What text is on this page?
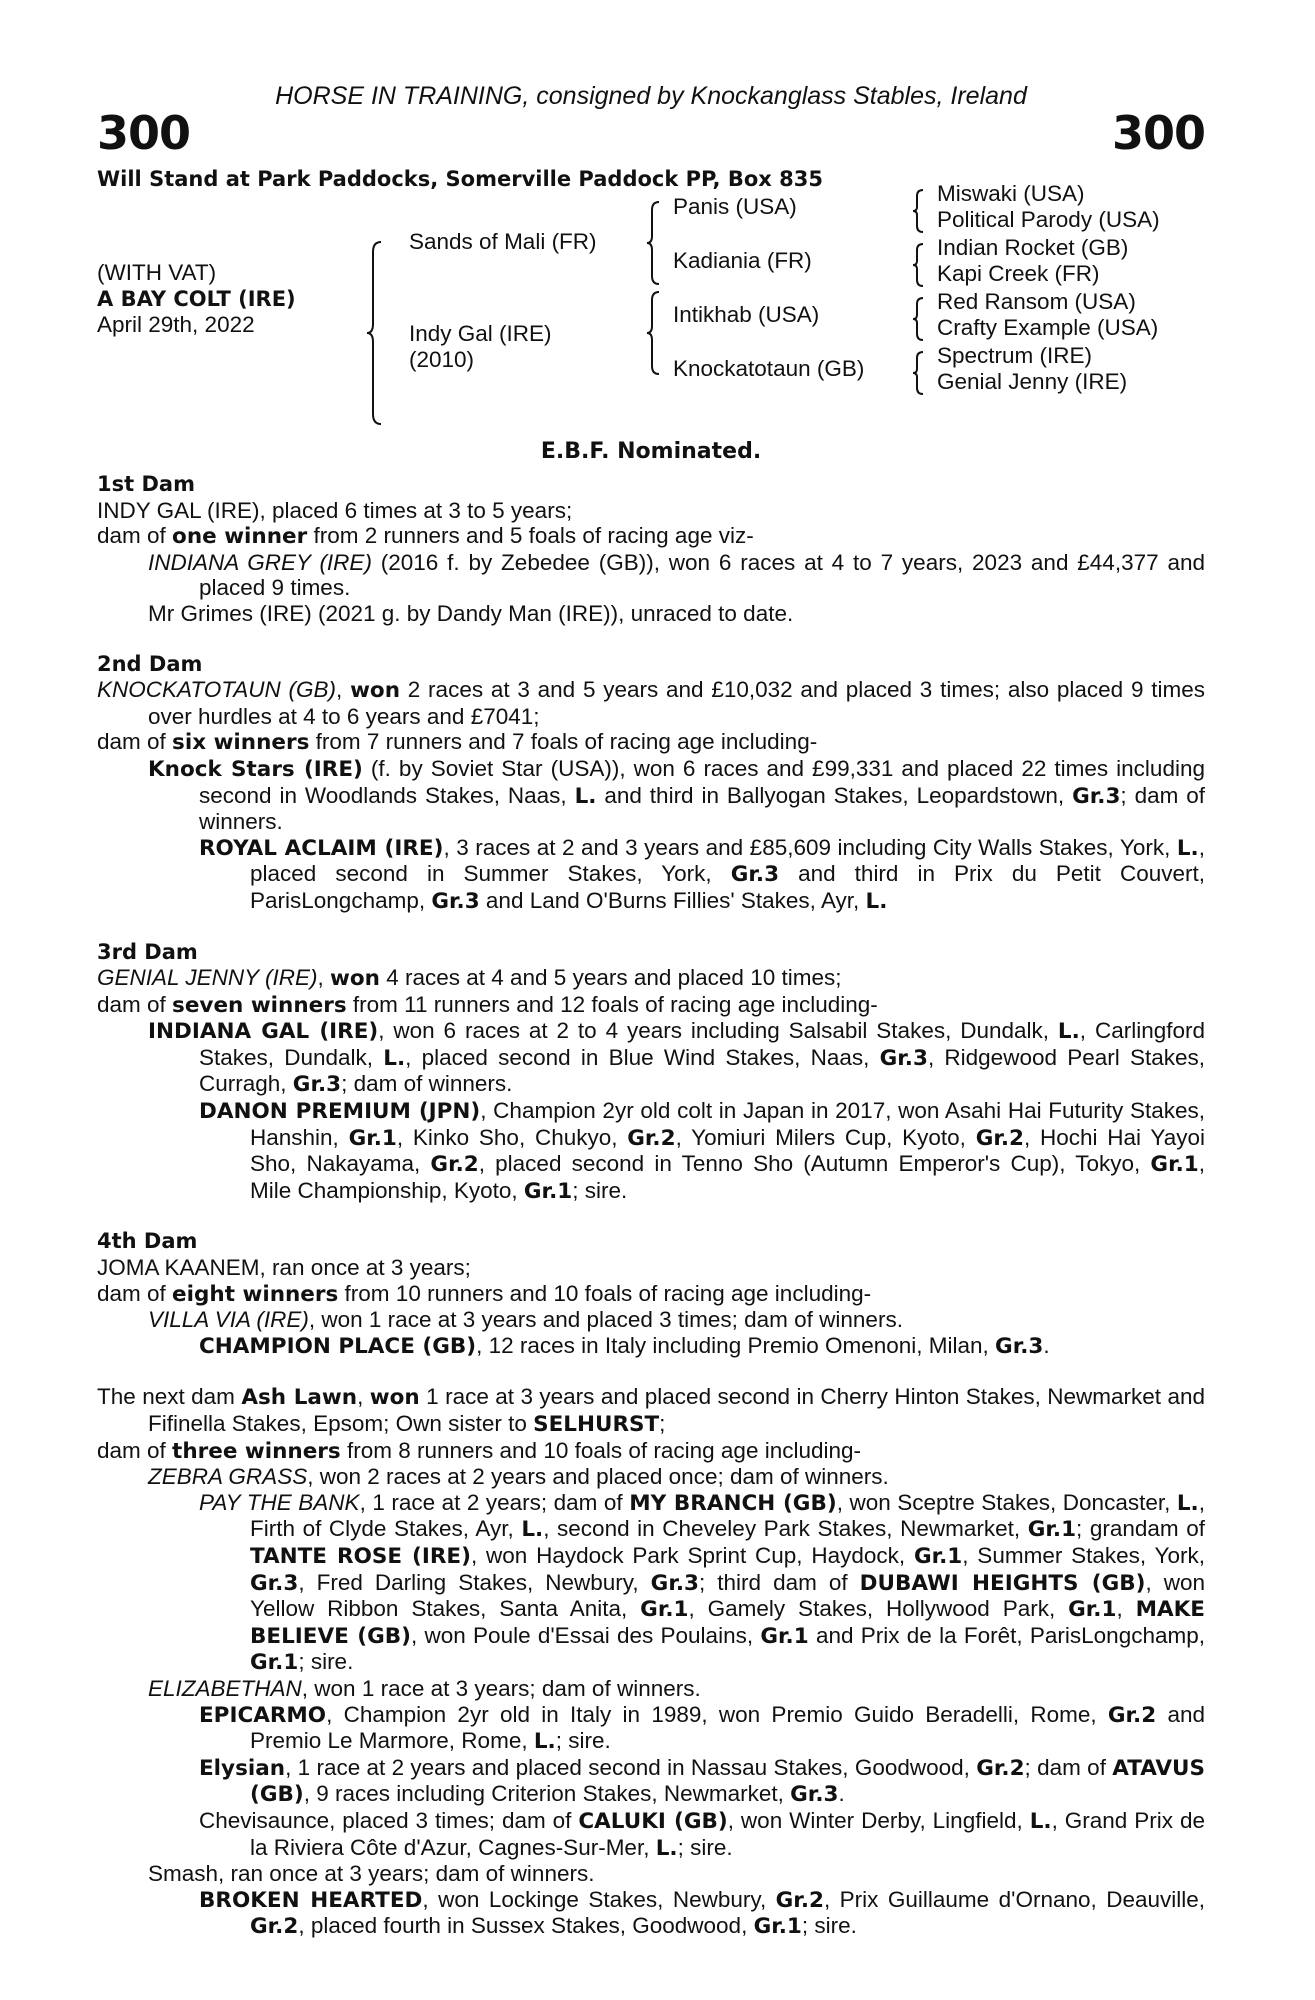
HORSE IN TRAINING, consigned by Knockanglass Stables, Ireland
300	300
Will Stand at Park Paddocks, Somerville Paddock PP, Box 835
(WITH VAT)
A BAY COLT (IRE)
April 29th, 2022
Sands of Mali (FR)
Indy Gal (IRE)
(2010)
Panis (USA)
Kadiania (FR)
Intikhab (USA)
Knockatotaun (GB)
Miswaki (USA)
Political Parody (USA)
Indian Rocket (GB)
Kapi Creek (FR)
Red Ransom (USA)
Crafty Example (USA)
Spectrum (IRE)
Genial Jenny (IRE)
E.B.F. Nominated.
1st Dam
INDY GAL (IRE), placed 6 times at 3 to 5 years;
dam of one winner from 2 runners and 5 foals of racing age viz-
INDIANA GREY (IRE) (2016 f. by Zebedee (GB)), won 6 races at 4 to 7 years, 2023 and £44,377 and placed 9 times.
Mr Grimes (IRE) (2021 g. by Dandy Man (IRE)), unraced to date.
2nd Dam
KNOCKATOTAUN (GB), won 2 races at 3 and 5 years and £10,032 and placed 3 times; also placed 9 times over hurdles at 4 to 6 years and £7041;
dam of six winners from 7 runners and 7 foals of racing age including-
Knock Stars (IRE) (f. by Soviet Star (USA)), won 6 races and £99,331 and placed 22 times including second in Woodlands Stakes, Naas, L. and third in Ballyogan Stakes, Leopardstown, Gr.3; dam of winners.
ROYAL ACLAIM (IRE), 3 races at 2 and 3 years and £85,609 including City Walls Stakes, York, L., placed second in Summer Stakes, York, Gr.3 and third in Prix du Petit Couvert, ParisLongchamp, Gr.3 and Land O'Burns Fillies' Stakes, Ayr, L.
3rd Dam
GENIAL JENNY (IRE), won 4 races at 4 and 5 years and placed 10 times;
dam of seven winners from 11 runners and 12 foals of racing age including-
INDIANA GAL (IRE), won 6 races at 2 to 4 years including Salsabil Stakes, Dundalk, L., Carlingford Stakes, Dundalk, L., placed second in Blue Wind Stakes, Naas, Gr.3, Ridgewood Pearl Stakes, Curragh, Gr.3; dam of winners.
DANON PREMIUM (JPN), Champion 2yr old colt in Japan in 2017, won Asahi Hai Futurity Stakes, Hanshin, Gr.1, Kinko Sho, Chukyo, Gr.2, Yomiuri Milers Cup, Kyoto, Gr.2, Hochi Hai Yayoi Sho, Nakayama, Gr.2, placed second in Tenno Sho (Autumn Emperor's Cup), Tokyo, Gr.1, Mile Championship, Kyoto, Gr.1; sire.
4th Dam
JOMA KAANEM, ran once at 3 years;
dam of eight winners from 10 runners and 10 foals of racing age including-
VILLA VIA (IRE), won 1 race at 3 years and placed 3 times; dam of winners.
CHAMPION PLACE (GB), 12 races in Italy including Premio Omenoni, Milan, Gr.3.
The next dam Ash Lawn, won 1 race at 3 years and placed second in Cherry Hinton Stakes, Newmarket and Fifinella Stakes, Epsom; Own sister to SELHURST;
dam of three winners from 8 runners and 10 foals of racing age including-
ZEBRA GRASS, won 2 races at 2 years and placed once; dam of winners.
PAY THE BANK, 1 race at 2 years; dam of MY BRANCH (GB), won Sceptre Stakes, Doncaster, L., Firth of Clyde Stakes, Ayr, L., second in Cheveley Park Stakes, Newmarket, Gr.1; grandam of TANTE ROSE (IRE), won Haydock Park Sprint Cup, Haydock, Gr.1, Summer Stakes, York, Gr.3, Fred Darling Stakes, Newbury, Gr.3; third dam of DUBAWI HEIGHTS (GB), won Yellow Ribbon Stakes, Santa Anita, Gr.1, Gamely Stakes, Hollywood Park, Gr.1, MAKE BELIEVE (GB), won Poule d'Essai des Poulains, Gr.1 and Prix de la Forêt, ParisLongchamp, Gr.1; sire.
ELIZABETHAN, won 1 race at 3 years; dam of winners.
EPICARMO, Champion 2yr old in Italy in 1989, won Premio Guido Beradelli, Rome, Gr.2 and Premio Le Marmore, Rome, L.; sire.
Elysian, 1 race at 2 years and placed second in Nassau Stakes, Goodwood, Gr.2; dam of ATAVUS (GB), 9 races including Criterion Stakes, Newmarket, Gr.3.
Chevisaunce, placed 3 times; dam of CALUKI (GB), won Winter Derby, Lingfield, L., Grand Prix de la Riviera Côte d'Azur, Cagnes-Sur-Mer, L.; sire.
Smash, ran once at 3 years; dam of winners.
BROKEN HEARTED, won Lockinge Stakes, Newbury, Gr.2, Prix Guillaume d'Ornano, Deauville, Gr.2, placed fourth in Sussex Stakes, Goodwood, Gr.1; sire.
